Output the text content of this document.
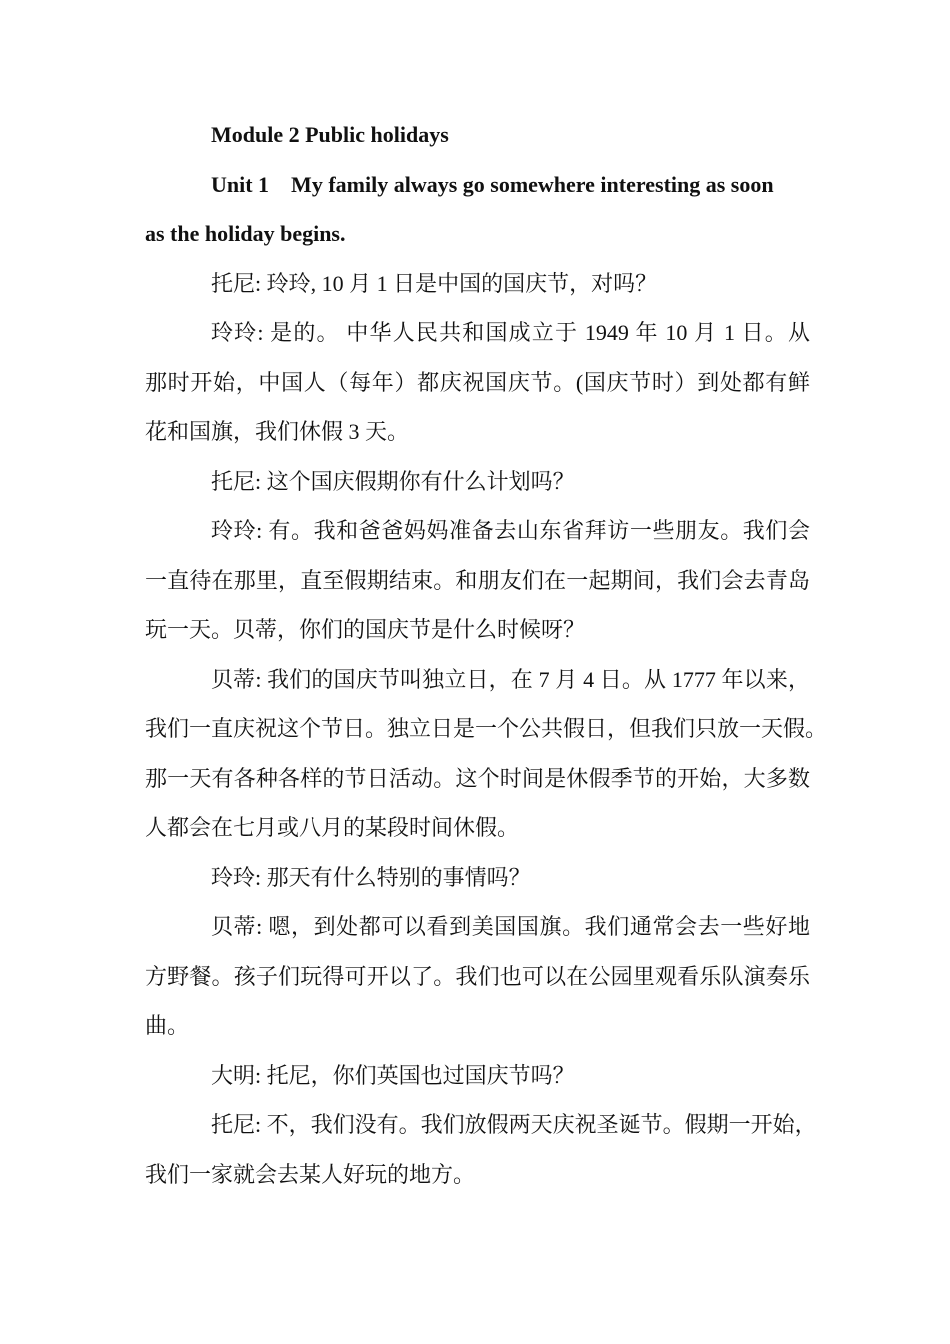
Module 2 Public holidays
Unit 1    My family always go somewhere interesting as soon
as the holiday begins.
托尼: 玲玲, 10 月 1 日是中国的国庆节，对吗？
玲玲: 是的。 中华人民共和国成立于 1949 年 10 月 1 日。从
那时开始，中国人（每年）都庆祝国庆节。(国庆节时）到处都有鲜
花和国旗，我们休假 3 天。
托尼: 这个国庆假期你有什么计划吗？
玲玲: 有。我和爸爸妈妈准备去山东省拜访一些朋友。我们会
一直待在那里，直至假期结束。和朋友们在一起期间，我们会去青岛
玩一天。贝蒂，你们的国庆节是什么时候呀？
贝蒂: 我们的国庆节叫独立日，在 7 月 4 日。从 1777 年以来，
我们一直庆祝这个节日。独立日是一个公共假日，但我们只放一天假。
那一天有各种各样的节日活动。这个时间是休假季节的开始，大多数
人都会在七月或八月的某段时间休假。
玲玲: 那天有什么特别的事情吗？
贝蒂: 嗯，到处都可以看到美国国旗。我们通常会去一些好地
方野餐。孩子们玩得可开以了。我们也可以在公园里观看乐队演奏乐
曲。
大明: 托尼，你们英国也过国庆节吗？
托尼: 不，我们没有。我们放假两天庆祝圣诞节。假期一开始，
我们一家就会去某人好玩的地方。
